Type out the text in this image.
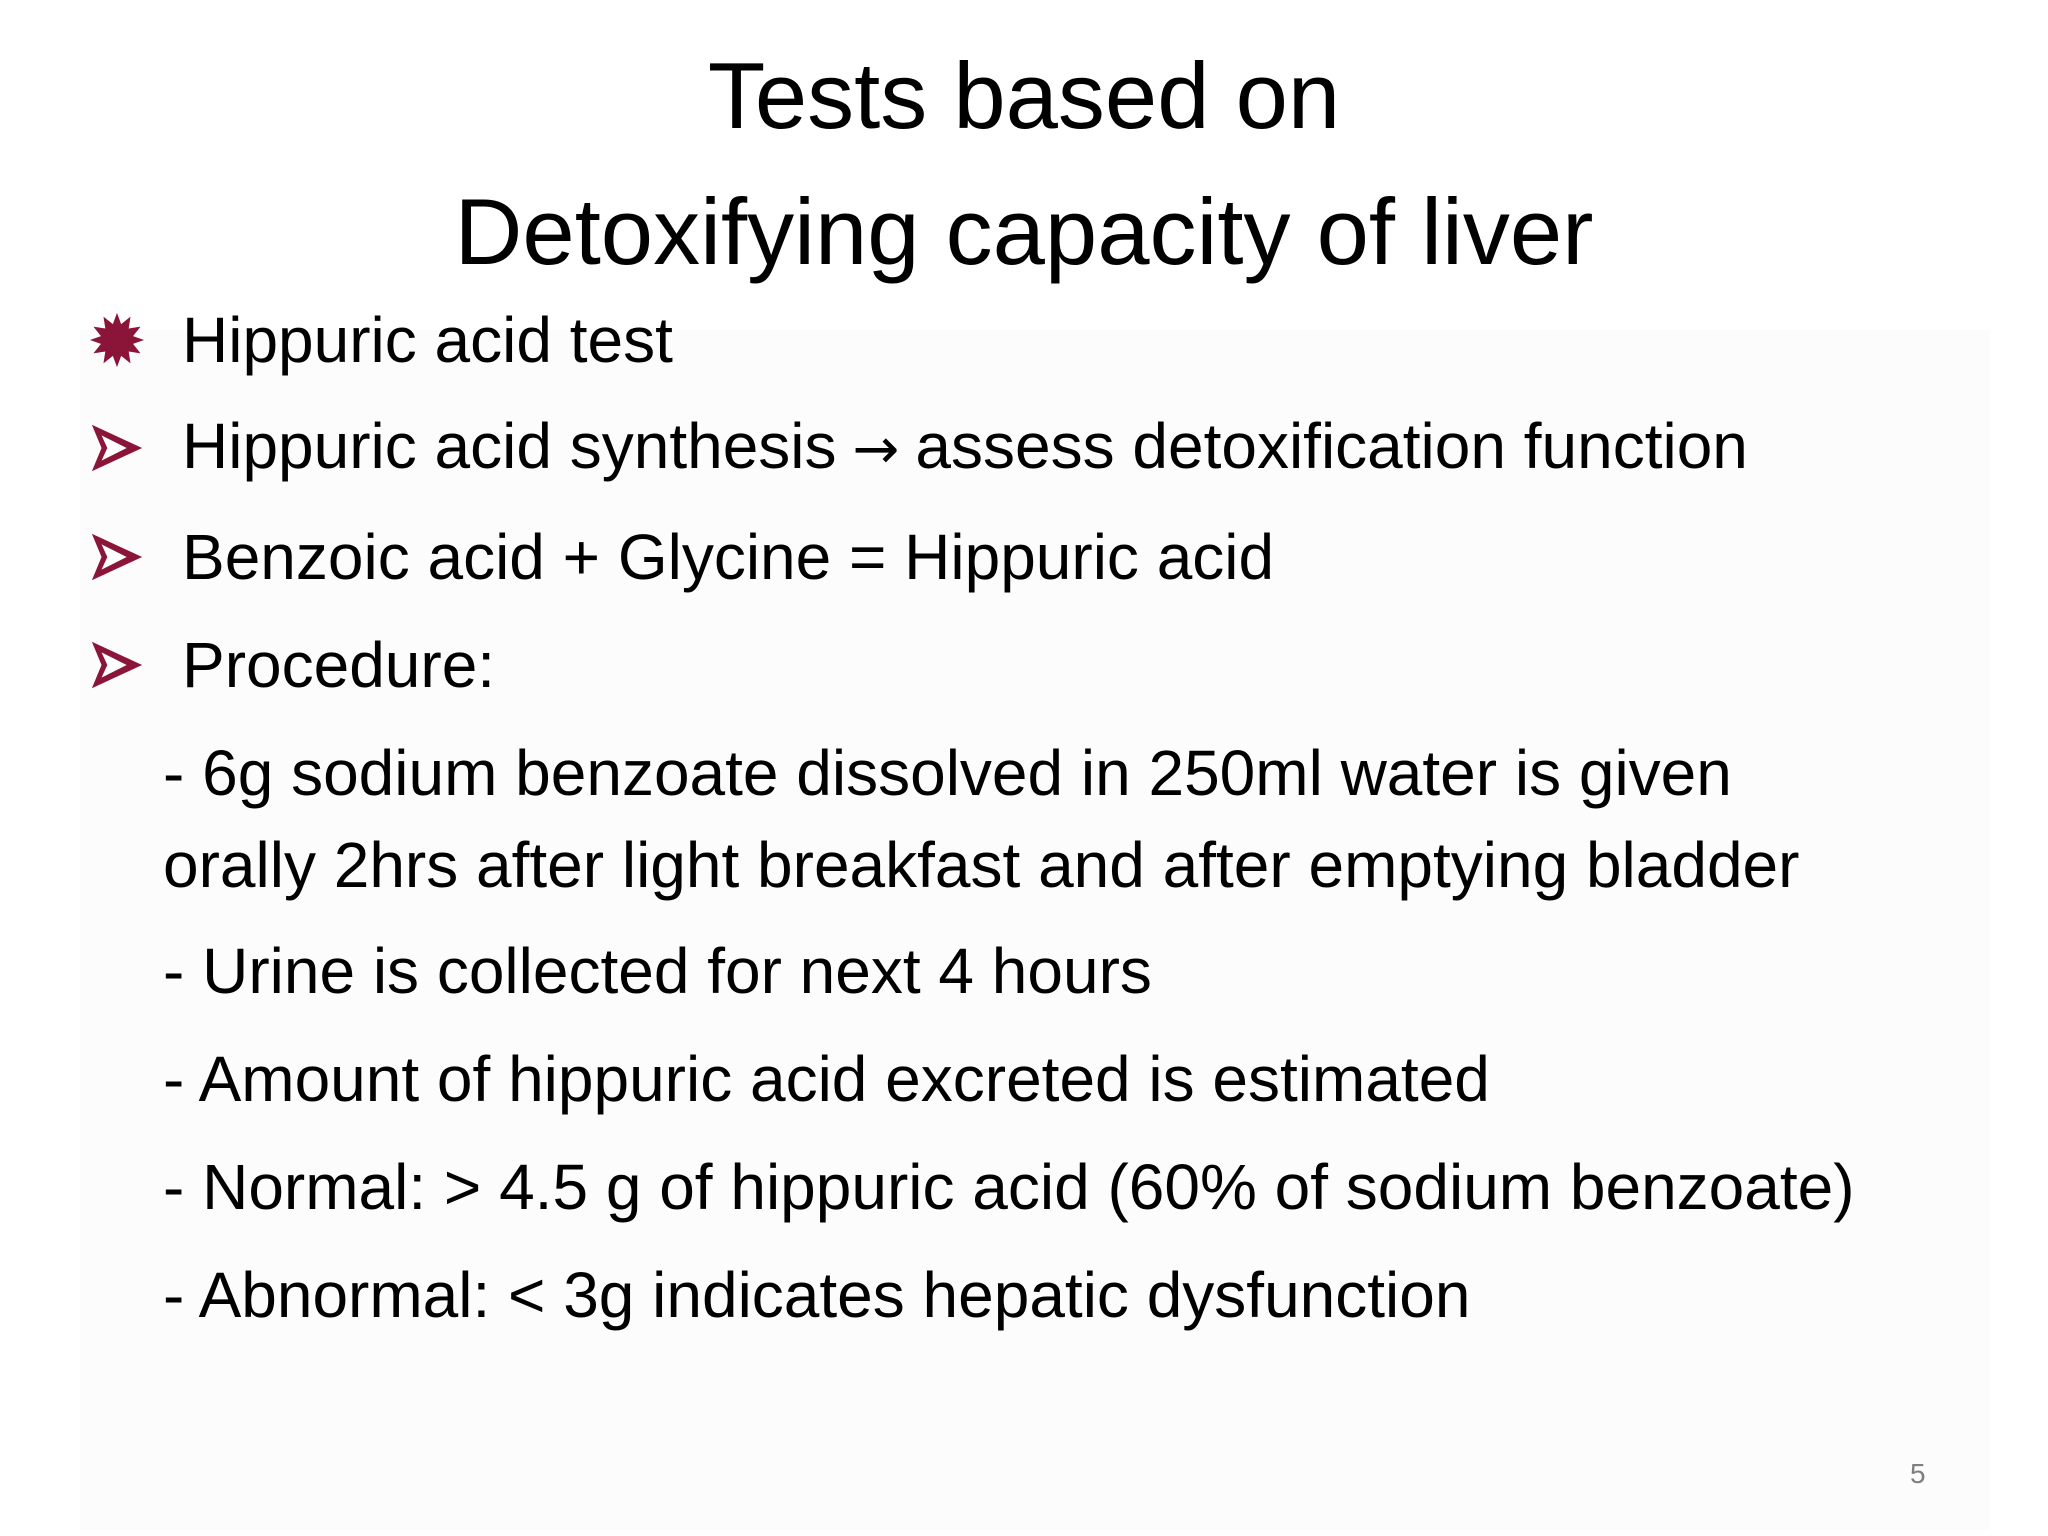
Tests based on
Detoxifying capacity of liver
Hippuric acid test
Hippuric acid synthesis → assess detoxification function
Benzoic acid + Glycine = Hippuric acid
Procedure:
- 6g sodium benzoate dissolved in 250ml water is given
orally 2hrs after light breakfast and after emptying bladder
- Urine is collected for next 4 hours
- Amount of hippuric acid excreted is estimated
- Normal: > 4.5 g of hippuric acid (60% of sodium benzoate)
- Abnormal: < 3g indicates hepatic dysfunction
5
